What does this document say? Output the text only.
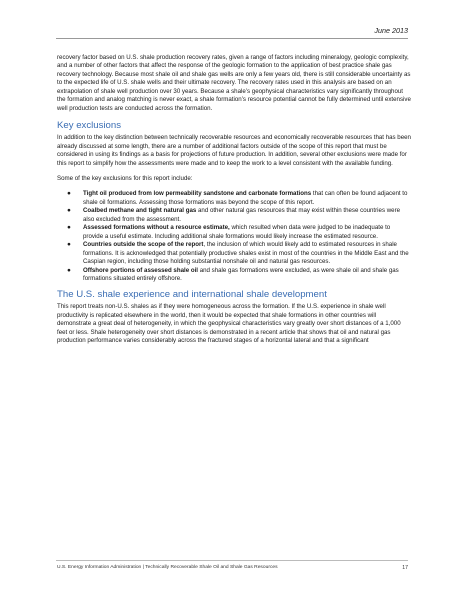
June 2013

recovery factor based on U.S. shale production recovery rates, given a range of factors including mineralogy, geologic complexity, and a number of other factors that affect the response of the geologic formation to the application of best practice shale gas recovery technology. Because most shale oil and shale gas wells are only a few years old, there is still considerable uncertainty as to the expected life of U.S. shale wells and their ultimate recovery. The recovery rates used in this analysis are based on an extrapolation of shale well production over 30 years. Because a shale’s geophysical characteristics vary significantly throughout the formation and analog matching is never exact, a shale formation’s resource potential cannot be fully determined until extensive well production tests are conducted across the formation.

Key exclusions

In addition to the key distinction between technically recoverable resources and economically recoverable resources that has been already discussed at some length, there are a number of additional factors outside of the scope of this report that must be considered in using its findings as a basis for projections of future production. In addition, several other exclusions were made for this report to simplify how the assessments were made and to keep the work to a level consistent with the available funding.

Some of the key exclusions for this report include:

● Tight oil produced from low permeability sandstone and carbonate formations that can often be found adjacent to shale oil formations. Assessing those formations was beyond the scope of this report.
● Coalbed methane and tight natural gas and other natural gas resources that may exist within these countries were also excluded from the assessment.
● Assessed formations without a resource estimate, which resulted when data were judged to be inadequate to provide a useful estimate. Including additional shale formations would likely increase the estimated resource.
● Countries outside the scope of the report, the inclusion of which would likely add to estimated resources in shale formations. It is acknowledged that potentially productive shales exist in most of the countries in the Middle East and the Caspian region, including those holding substantial nonshale oil and natural gas resources.
● Offshore portions of assessed shale oil and shale gas formations were excluded, as were shale oil and shale gas formations situated entirely offshore.
The U.S. shale experience and international shale development

This report treats non-U.S. shales as if they were homogeneous across the formation. If the U.S. experience in shale well productivity is replicated elsewhere in the world, then it would be expected that shale formations in other countries will demonstrate a great deal of heterogeneity, in which the geophysical characteristics vary greatly over short distances of a 1,000 feet or less. Shale heterogeneity over short distances is demonstrated in a recent article that shows that oil and natural gas production performance varies considerably across the fractured stages of a horizontal lateral and that a significant

U.S. Energy Information Administration | Technically Recoverable Shale Oil and Shale Gas Resources	17
